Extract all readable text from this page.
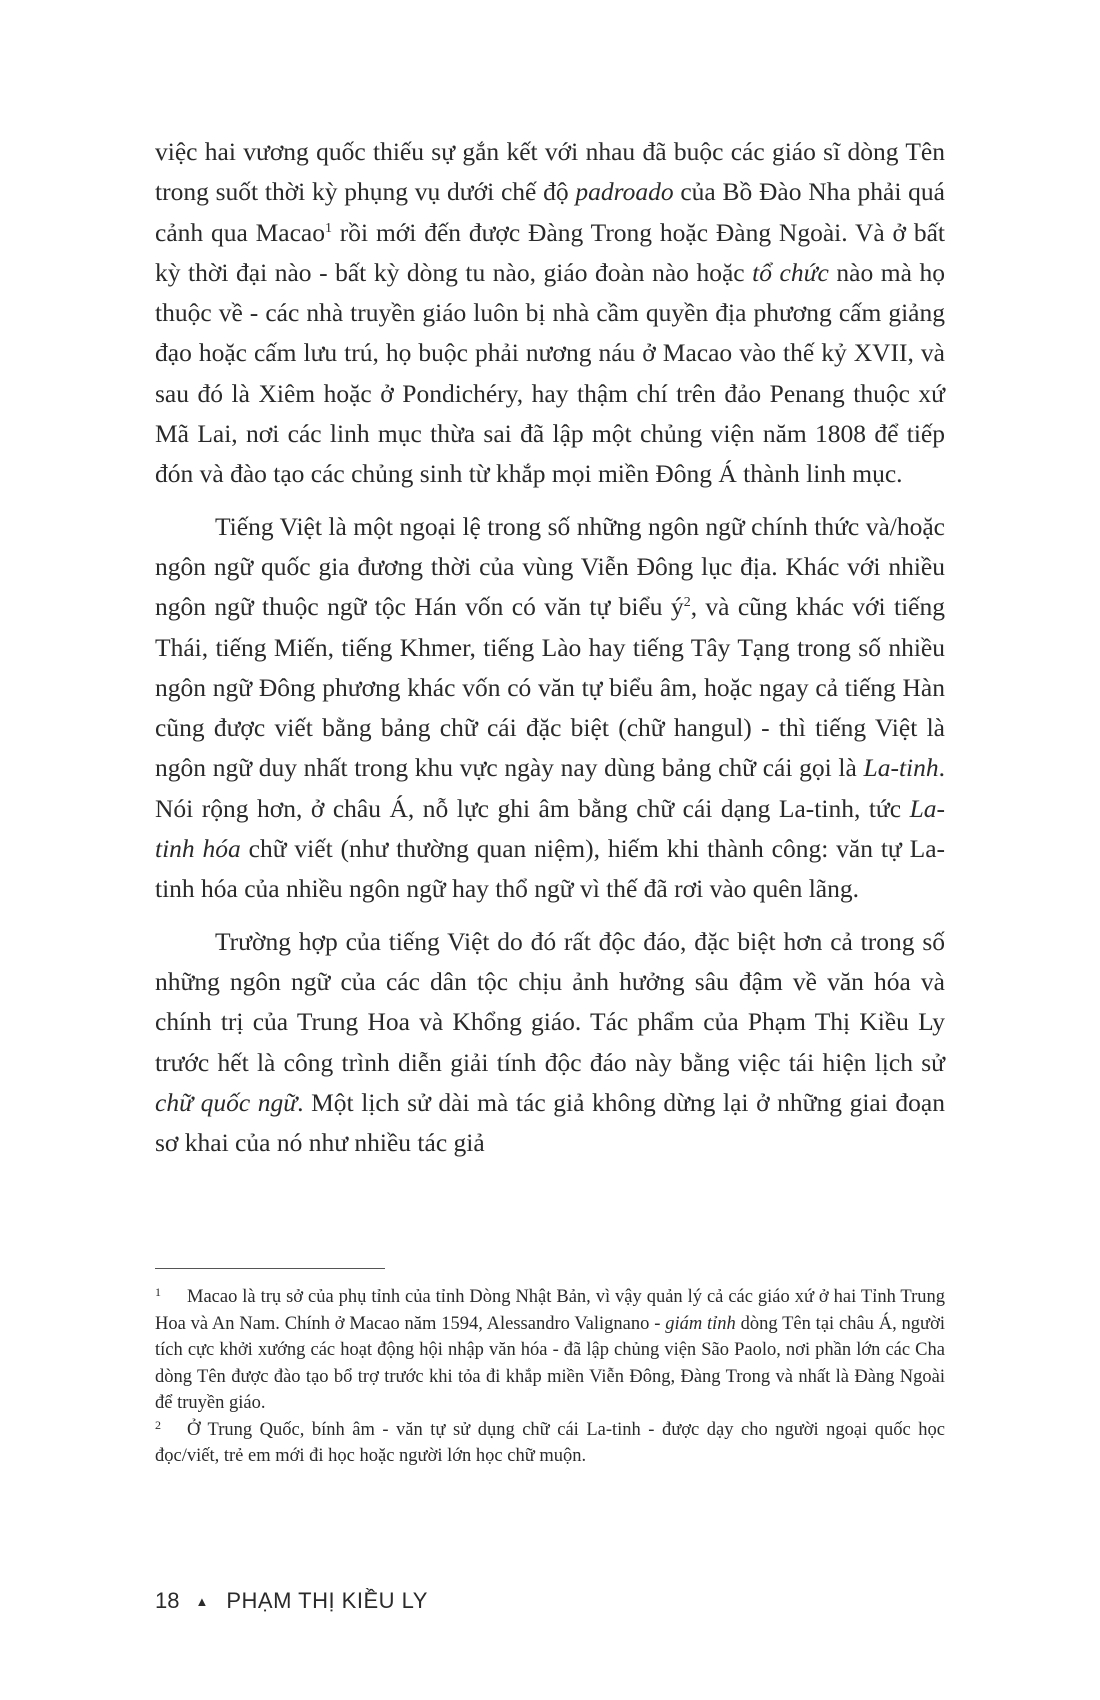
việc hai vương quốc thiếu sự gắn kết với nhau đã buộc các giáo sĩ dòng Tên trong suốt thời kỳ phụng vụ dưới chế độ padroado của Bồ Đào Nha phải quá cảnh qua Macao$^1$ rồi mới đến được Đàng Trong hoặc Đàng Ngoài. Và ở bất kỳ thời đại nào - bất kỳ dòng tu nào, giáo đoàn nào hoặc tổ chức nào mà họ thuộc về - các nhà truyền giáo luôn bị nhà cầm quyền địa phương cấm giảng đạo hoặc cấm lưu trú, họ buộc phải nương náu ở Macao vào thế kỷ XVII, và sau đó là Xiêm hoặc ở Pondichéry, hay thậm chí trên đảo Penang thuộc xứ Mã Lai, nơi các linh mục thừa sai đã lập một chủng viện năm 1808 để tiếp đón và đào tạo các chủng sinh từ khắp mọi miền Đông Á thành linh mục.

Tiếng Việt là một ngoại lệ trong số những ngôn ngữ chính thức và/hoặc ngôn ngữ quốc gia đương thời của vùng Viễn Đông lục địa. Khác với nhiều ngôn ngữ thuộc ngữ tộc Hán vốn có văn tự biểu $ý^2$, và cũng khác với tiếng Thái, tiếng Miến, tiếng Khmer, tiếng Lào hay tiếng Tây Tạng trong số nhiều ngôn ngữ Đông phương khác vốn có văn tự biểu âm, hoặc ngay cả tiếng Hàn cũng được viết bằng bảng chữ cái đặc biệt (chữ hangul) - thì tiếng Việt là ngôn ngữ duy nhất trong khu vực ngày nay dùng bảng chữ cái gọi là La-tinh. Nói rộng hơn, ở châu Á, nỗ lực ghi âm bằng chữ cái dạng La-tinh, tức La-tinh hóa chữ viết (như thường quan niệm), hiếm khi thành công: văn tự La-tinh hóa của nhiều ngôn ngữ hay thổ ngữ vì thế đã rơi vào quên lãng.

Trường hợp của tiếng Việt do đó rất độc đáo, đặc biệt hơn cả trong số những ngôn ngữ của các dân tộc chịu ảnh hưởng sâu đậm về văn hóa và chính trị của Trung Hoa và Khổng giáo. Tác phẩm của Phạm Thị Kiều Ly trước hết là công trình diễn giải tính độc đáo này bằng việc tái hiện lịch sử chữ quốc ngữ. Một lịch sử dài mà tác giả không dừng lại ở những giai đoạn sơ khai của nó như nhiều tác giả

1 Macao là trụ sở của phụ tỉnh của tỉnh Dòng Nhật Bản, vì vậy quản lý cả các giáo xứ ở hai Tỉnh Trung Hoa và An Nam. Chính ở Macao năm 1594, Alessandro Valignano - giám tỉnh dòng Tên tại châu Á, người tích cực khởi xướng các hoạt động hội nhập văn hóa - đã lập chủng viện São Paolo, nơi phần lớn các Cha dòng Tên được đào tạo bổ trợ trước khi tỏa đi khắp miền Viễn Đông, Đàng Trong và nhất là Đàng Ngoài để truyền giáo.

2 Ở Trung Quốc, bính âm - văn tự sử dụng chữ cái La-tinh - được dạy cho người ngoại quốc học đọc/viết, trẻ em mới đi học hoặc người lớn học chữ muộn.

18 ▲ PHẠM THỊ KIỀU LY
